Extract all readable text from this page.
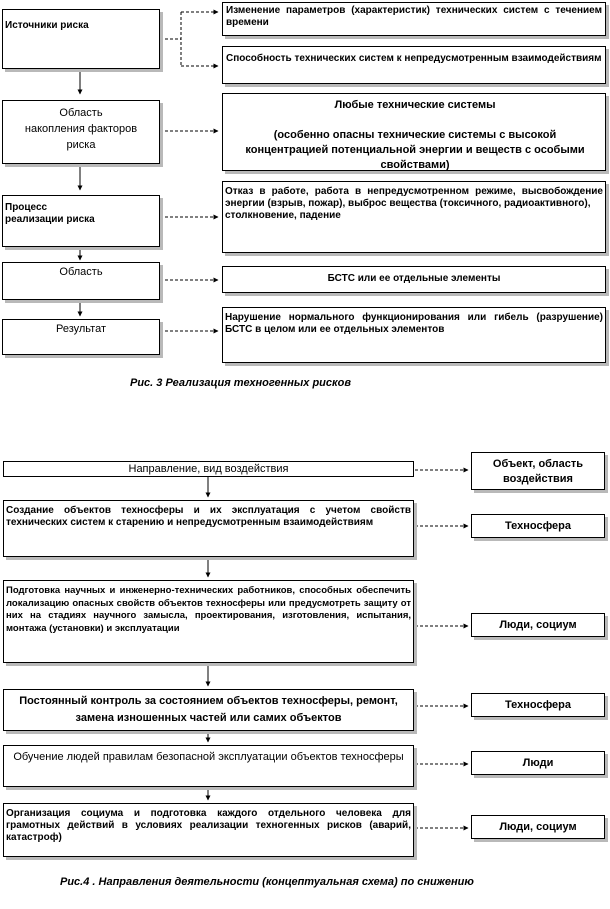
Источники риска
Область
накопления факторов
риска
Процесс
реализации риска
Область
Результат
Изменение параметров (характеристик) технических систем с течением времени
Способность технических систем к непредусмотренным взаимодействиям
Любые технические системы

(особенно опасны технические системы с высокой концентрацией потенциальной энергии и веществ с особыми свойствами)
Отказ в работе, работа в непредусмотренном режиме, высвобождение энергии (взрыв, пожар), выброс вещества (токсичного, радиоактивного),
столкновение, падение
БСТС или ее отдельные элементы
Нарушение нормального функционирования или гибель (разрушение) БСТС в целом или ее отдельных элементов
Рис. 3 Реализация техногенных рисков
Направление, вид воздействия
Создание объектов техносферы и их эксплуатация с учетом свойств технических систем к старению и непредусмотренным взаимодействиям
Подготовка научных и инженерно-технических работников, способных обеспечить локализацию опасных свойств объектов техносферы или предусмотреть защиту от них на стадиях научного замысла, проектирования, изготовления, испытания, монтажа (установки) и эксплуатации
Постоянный контроль за состоянием объектов техносферы, ремонт, замена изношенных частей или самих объектов
Обучение людей правилам безопасной эксплуатации объектов техносферы
Организация социума и подготовка каждого отдельного человека для грамотных действий в условиях реализации техногенных рисков (аварий, катастроф)
Объект, область воздействия
Техносфера
Люди, социум
Техносфера
Люди
Люди, социум
Рис.4 . Направления деятельности (концептуальная схема) по снижению
